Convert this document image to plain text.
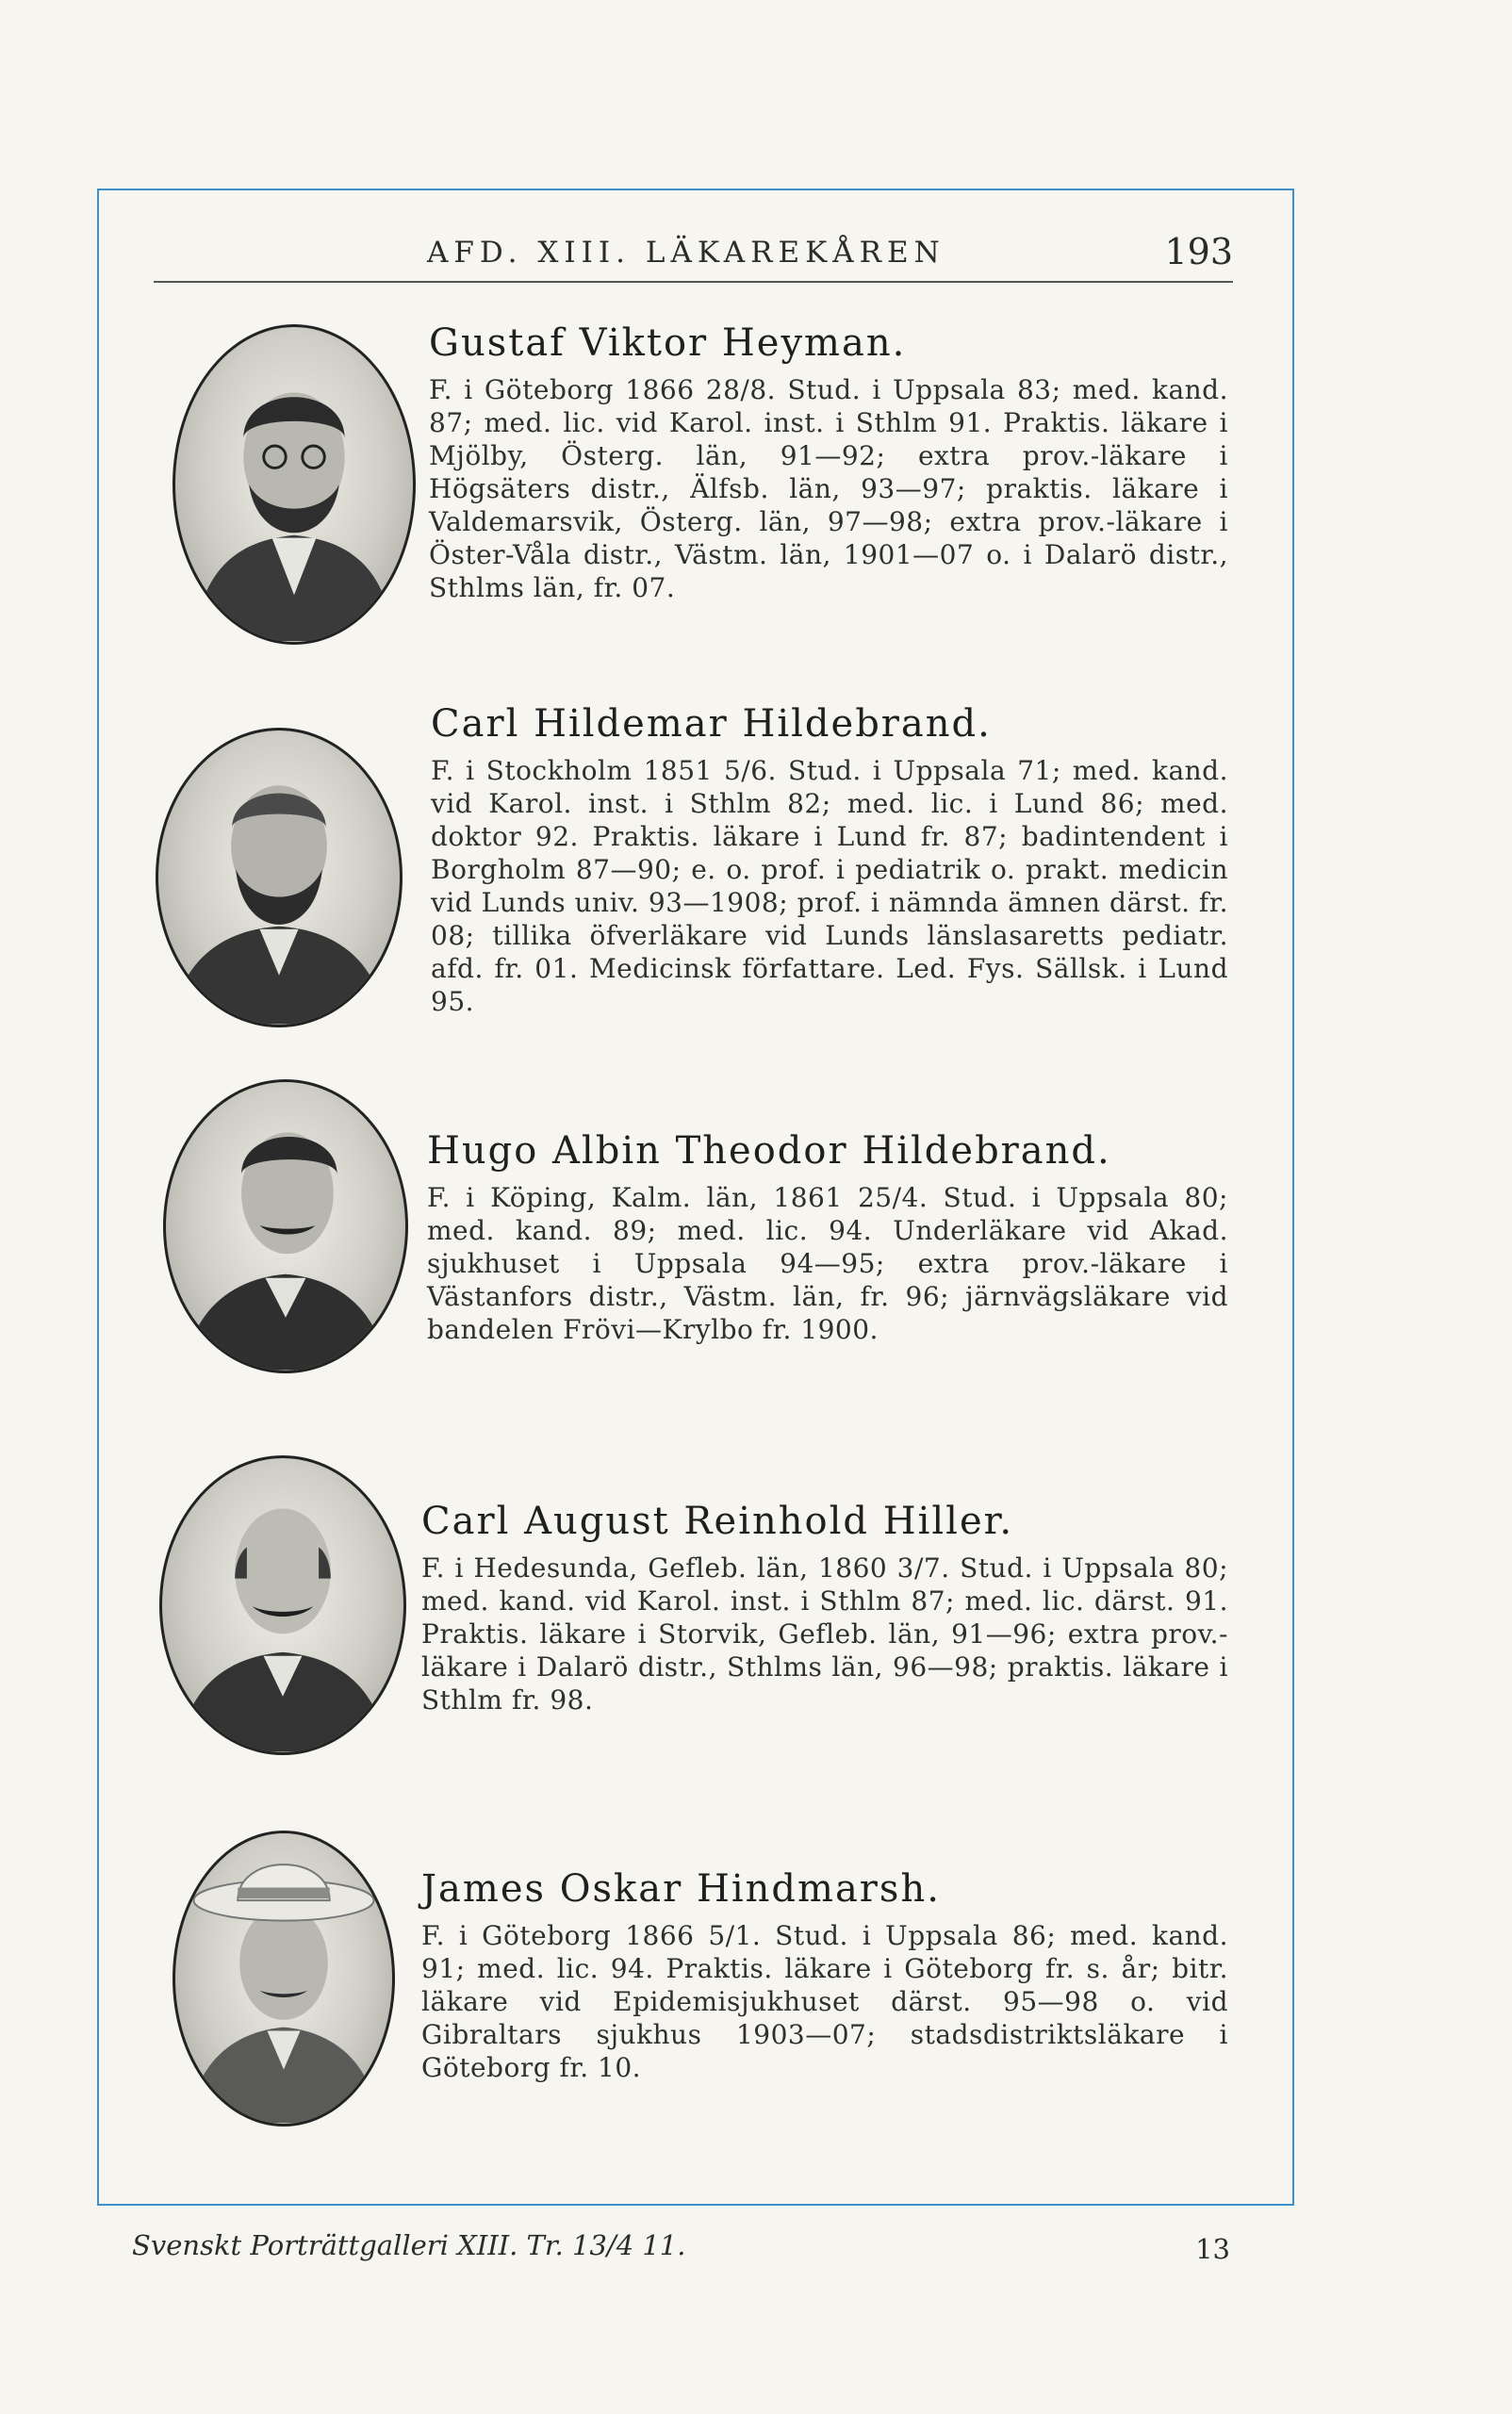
AFD. XIII. LÄKAREKÅREN	193
Gustaf Viktor Heyman.
F. i Göteborg 1866 28/8. Stud. i Uppsala 83; med. kand. 87; med. lic. vid Karol. inst. i Sthlm 91. Praktis. läkare i Mjölby, Österg. län, 91—92; extra prov.-läkare i Högsäters distr., Älfsb. län, 93—97; praktis. läkare i Valdemarsvik, Österg. län, 97—98; extra prov.-läkare i Öster-Våla distr., Västm. län, 1901—07 o. i Dalarö distr., Sthlms län, fr. 07.
Carl Hildemar Hildebrand.
F. i Stockholm 1851 5/6. Stud. i Uppsala 71; med. kand. vid Karol. inst. i Sthlm 82; med. lic. i Lund 86; med. doktor 92. Praktis. läkare i Lund fr. 87; badintendent i Borgholm 87—90; e. o. prof. i pediatrik o. prakt. medicin vid Lunds univ. 93—1908; prof. i nämnda ämnen därst. fr. 08; tillika öfverläkare vid Lunds länslasaretts pediatr. afd. fr. 01. Medicinsk författare. Led. Fys. Sällsk. i Lund 95.
Hugo Albin Theodor Hildebrand.
F. i Köping, Kalm. län, 1861 25/4. Stud. i Uppsala 80; med. kand. 89; med. lic. 94. Underläkare vid Akad. sjukhuset i Uppsala 94—95; extra prov.-läkare i Västanfors distr., Västm. län, fr. 96; järnvägsläkare vid bandelen Frövi—Krylbo fr. 1900.
Carl August Reinhold Hiller.
F. i Hedesunda, Gefleb. län, 1860 3/7. Stud. i Uppsala 80; med. kand. vid Karol. inst. i Sthlm 87; med. lic. därst. 91. Praktis. läkare i Storvik, Gefleb. län, 91—96; extra prov.-läkare i Dalarö distr., Sthlms län, 96—98; praktis. läkare i Sthlm fr. 98.
James Oskar Hindmarsh.
F. i Göteborg 1866 5/1. Stud. i Uppsala 86; med. kand. 91; med. lic. 94. Praktis. läkare i Göteborg fr. s. år; bitr. läkare vid Epidemisjukhuset därst. 95—98 o. vid Gibraltars sjukhus 1903—07; stadsdistriktsläkare i Göteborg fr. 10.
Svenskt Porträttgalleri XIII. Tr. 13/4 11.	13
